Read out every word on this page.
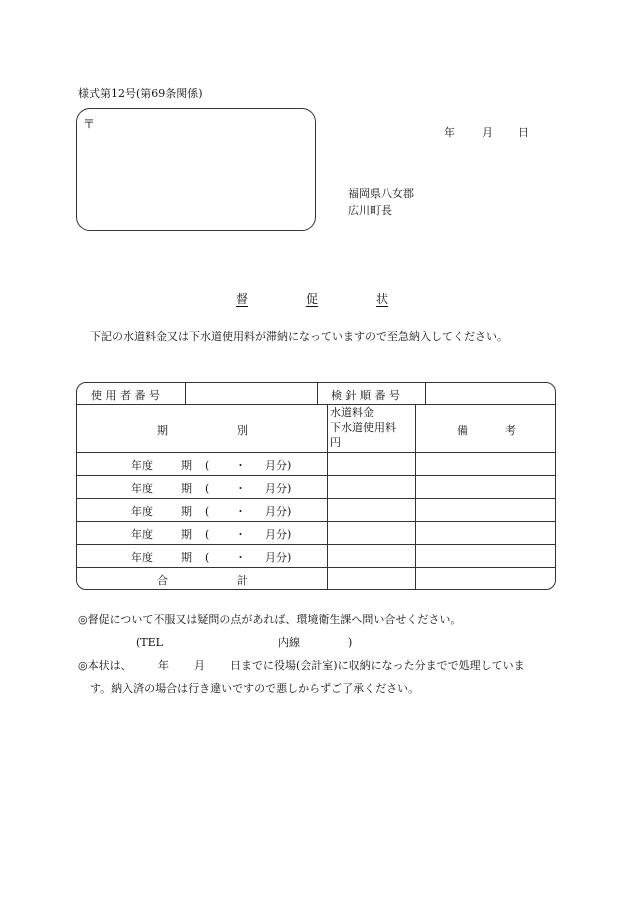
様式第12号(第69条関係)
〒
年 月 日
福岡県八女郡
広川町長
督	促	状
下記の水道料金又は下水道使用料が滞納になっていますので至急納入してください。
使 用 者 番 号	検 針 順 番 号
期	別
水道料金
下水道使用料
円
備	考
年度	期 ( ・ 月分)
年度	期 ( ・ 月分)
年度	期 ( ・ 月分)
年度	期 ( ・ 月分)
年度	期 ( ・ 月分)
合	計
◎督促について不服又は疑問の点があれば、環境衛生課へ問い合せください。
(TEL	内線	)
◎本状は、 年 月 日までに役場(会計室)に収納になった分までで処理していま
す。納入済の場合は行き違いですので悪しからずご了承ください。
